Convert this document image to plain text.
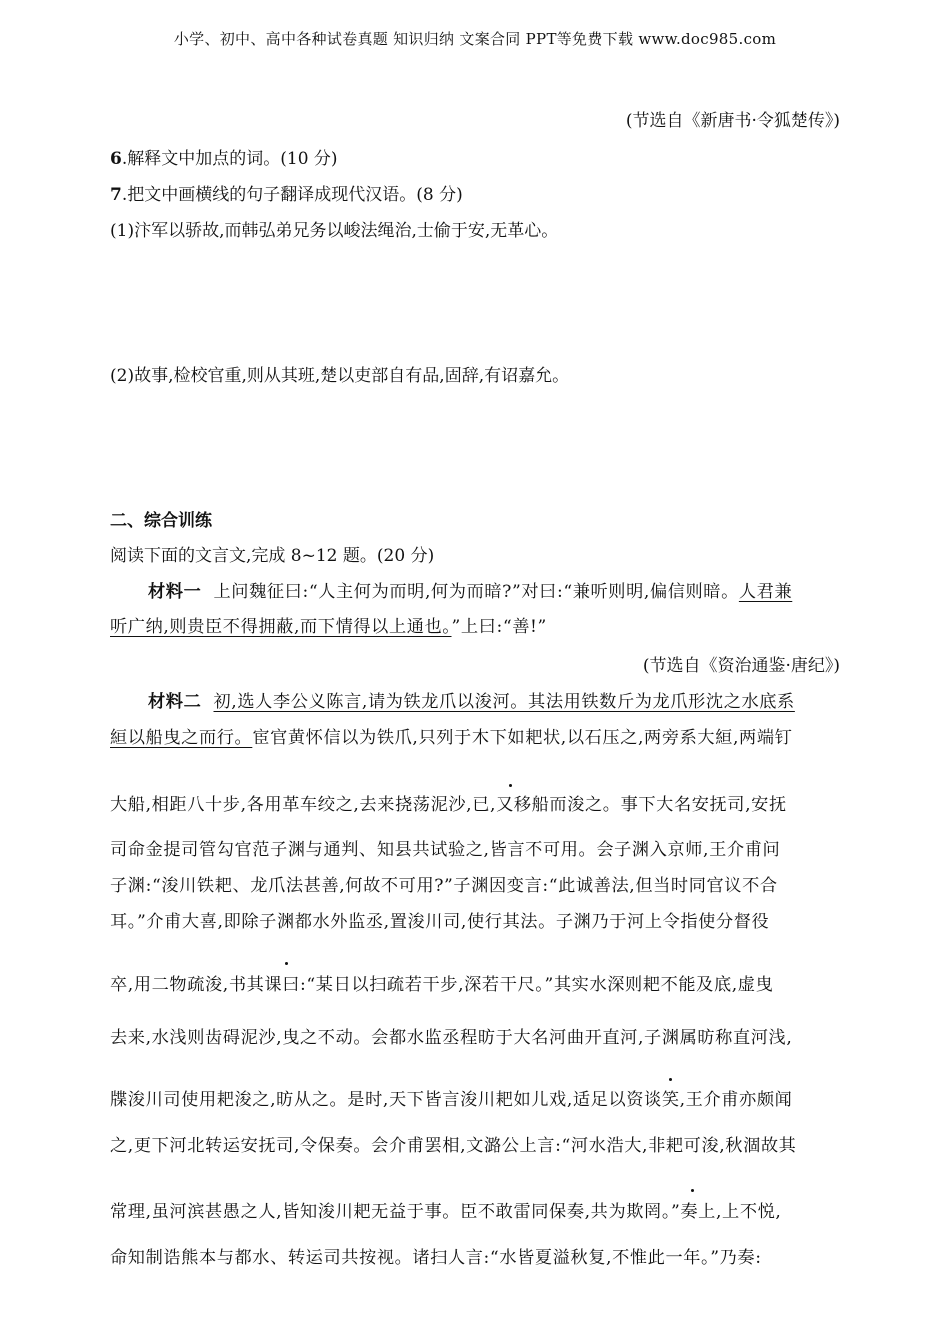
小学、初中、高中各种试卷真题 知识归纳 文案合同 PPT等免费下载 www.doc985.com
(节选自《新唐书·令狐楚传》)
6.解释文中加点的词。(10 分)
7.把文中画横线的句子翻译成现代汉语。(8 分)
(1)汴军以骄故,而韩弘弟兄务以峻法绳治,士偷于安,无革心。
(2)故事,检校官重,则从其班,楚以吏部自有品,固辞,有诏嘉允。
二、综合训练
阅读下面的文言文,完成 8~12 题。(20 分)
材料一 上问魏征曰:“人主何为而明,何为而暗?”对曰:“兼听则明,偏信则暗。人君兼
听广纳,则贵臣不得拥蔽,而下情得以上通也。”上曰:“善!”
(节选自《资治通鉴·唐纪》)
材料二 初,选人李公义陈言,请为铁龙爪以浚河。其法用铁数斤为龙爪形沈之水底系
絙以船曳之而行。宦官黄怀信以为铁爪,只列于木下如耙状,以石压之,两旁系大絙,两端钉
大船,相距八十步,各用革车绞之,去来挠荡泥沙,已,又移船而浚之。事下大名安抚司,安抚
司命金提司管勾官范子渊与通判、知县共试验之,皆言不可用。会子渊入京师,王介甫问
子渊:“浚川铁耙、龙爪法甚善,何故不可用?”子渊因变言:“此诚善法,但当时同官议不合
耳。”介甫大喜,即除子渊都水外监丞,置浚川司,使行其法。子渊乃于河上令指使分督役
卒,用二物疏浚,书其课曰:“某日以扫疏若干步,深若干尺。”其实水深则耙不能及底,虚曳
去来,水浅则齿碍泥沙,曳之不动。会都水监丞程昉于大名河曲开直河,子渊属昉称直河浅,
牒浚川司使用耙浚之,昉从之。是时,天下皆言浚川耙如儿戏,适足以资谈笑,王介甫亦颇闻
之,更下河北转运安抚司,令保奏。会介甫罢相,文潞公上言:“河水浩大,非耙可浚,秋涸故其
常理,虽河滨甚愚之人,皆知浚川耙无益于事。臣不敢雷同保奏,共为欺罔。”奏上,上不悦,
命知制诰熊本与都水、转运司共按视。诸扫人言:“水皆夏溢秋复,不惟此一年。”乃奏:
